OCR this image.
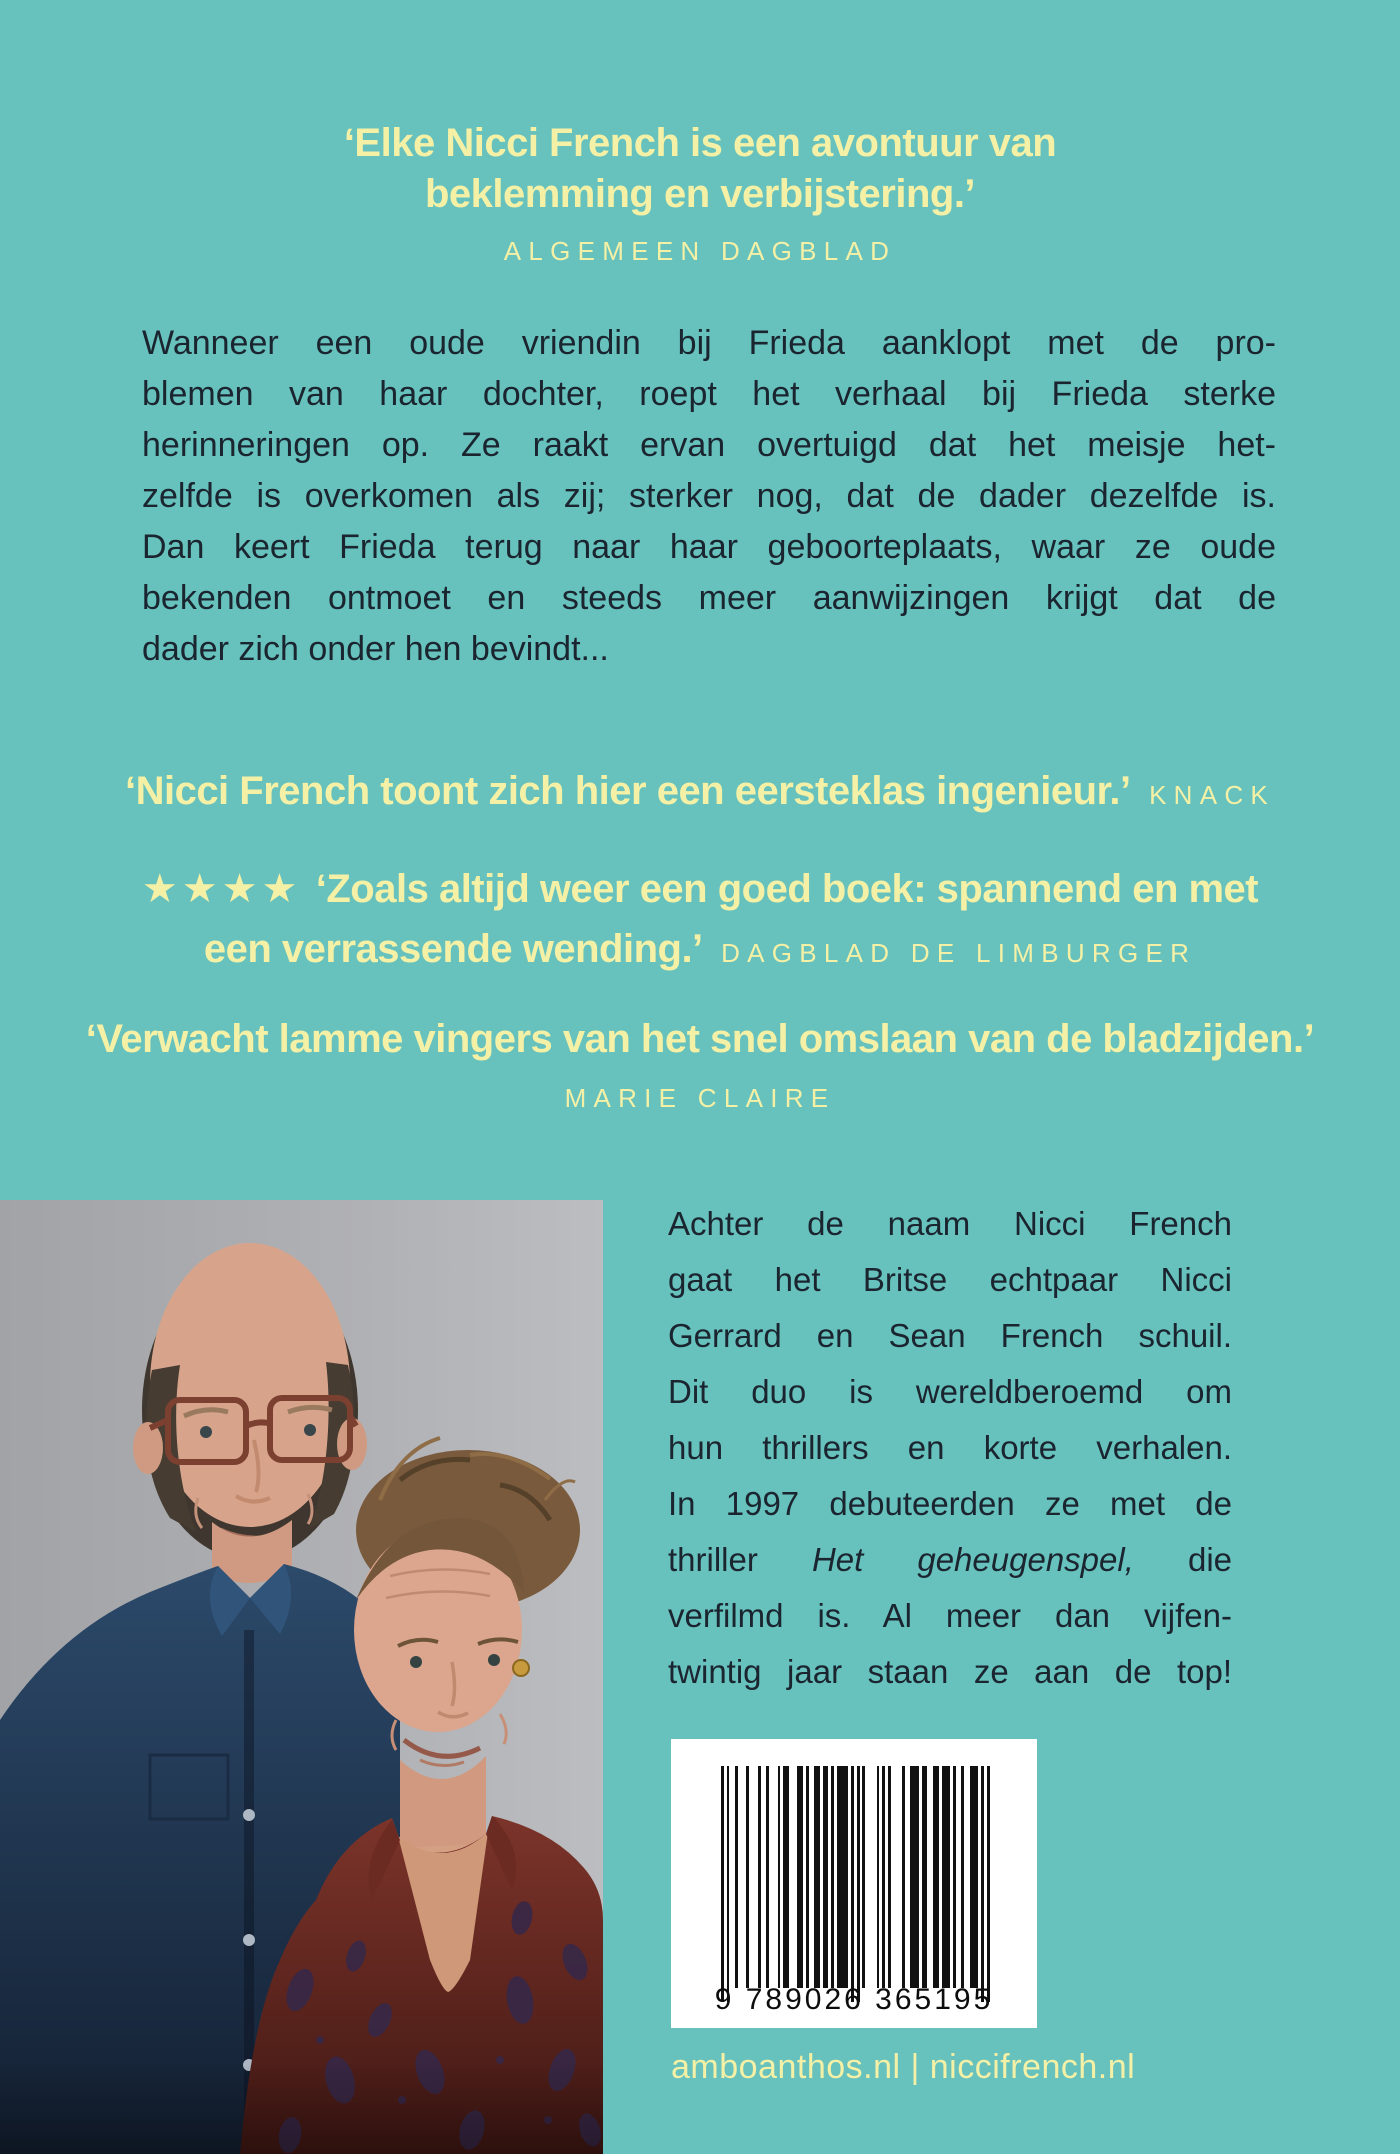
‘Elke Nicci French is een avontuur van
beklemming en verbijstering.’
ALGEMEEN DAGBLAD
Wanneer een oude vriendin bij Frieda aanklopt met de pro-
blemen van haar dochter, roept het verhaal bij Frieda sterke
herinneringen op. Ze raakt ervan overtuigd dat het meisje het-
zelfde is overkomen als zij; sterker nog, dat de dader dezelfde is.
Dan keert Frieda terug naar haar geboorteplaats, waar ze oude
bekenden ontmoet en steeds meer aanwijzingen krijgt dat de
dader zich onder hen bevindt...
‘Nicci French toont zich hier een eersteklas ingenieur.’ KNACK
★★★★ ‘Zoals altijd weer een goed boek: spannend en met
een verrassende wending.’ DAGBLAD DE LIMBURGER
‘Verwacht lamme vingers van het snel omslaan van de bladzijden.’
MARIE CLAIRE
Achter de naam Nicci French
gaat het Britse echtpaar Nicci
Gerrard en Sean French schuil.
Dit duo is wereldberoemd om
hun thrillers en korte verhalen.
In 1997 debuteerden ze met de
thriller Het geheugenspel, die
verfilmd is. Al meer dan vijfen-
twintig jaar staan ze aan de top!
9 789026 365195
amboanthos.nl | niccifrench.nl
